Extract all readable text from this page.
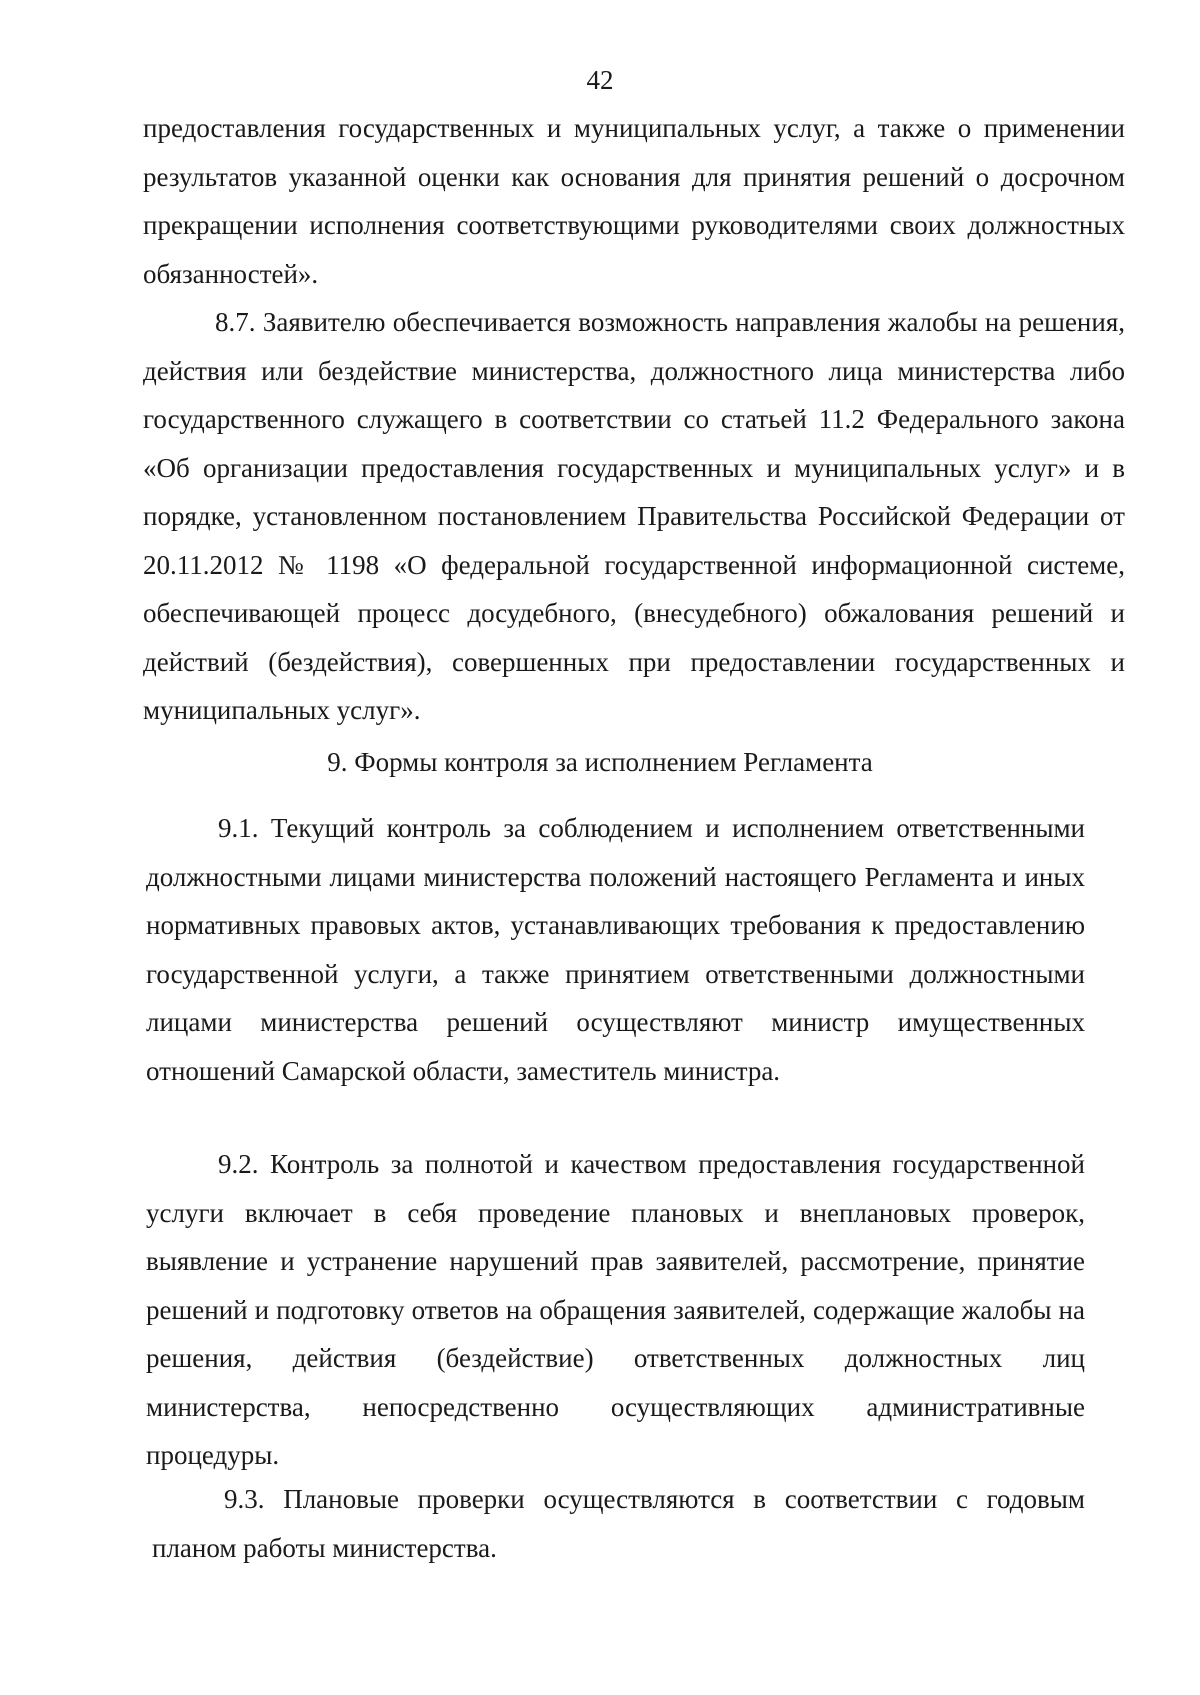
42

предоставления государственных и муниципальных услуг, а также о применении результатов указанной оценки как основания для принятия решений о досрочном прекращении исполнения соответствующими руководителями своих должностных обязанностей».

8.7. Заявителю обеспечивается возможность направления жалобы на решения, действия или бездействие министерства, должностного лица министерства либо государственного служащего в соответствии со статьей 11.2 Федерального закона «Об организации предоставления государственных и муниципальных услуг» и в порядке, установленном постановлением Правительства Российской Федерации от 20.11.2012 № 1198 «О федеральной государственной информационной системе, обеспечивающей процесс досудебного, (внесудебного) обжалования решений и действий (бездействия), совершенных при предоставлении государственных и муниципальных услуг».

9. Формы контроля за исполнением Регламента

9.1. Текущий контроль за соблюдением и исполнением ответственными должностными лицами министерства положений настоящего Регламента и иных нормативных правовых актов, устанавливающих требования к предоставлению государственной услуги, а также принятием ответственными должностными лицами министерства решений осуществляют министр имущественных отношений Самарской области, заместитель министра.

9.2. Контроль за полнотой и качеством предоставления государственной услуги включает в себя проведение плановых и внеплановых проверок, выявление и устранение нарушений прав заявителей, рассмотрение, принятие решений и подготовку ответов на обращения заявителей, содержащие жалобы на решения, действия (бездействие) ответственных должностных лиц министерства, непосредственно осуществляющих административные процедуры.

9.3. Плановые проверки осуществляются в соответствии с годовым планом работы министерства.
